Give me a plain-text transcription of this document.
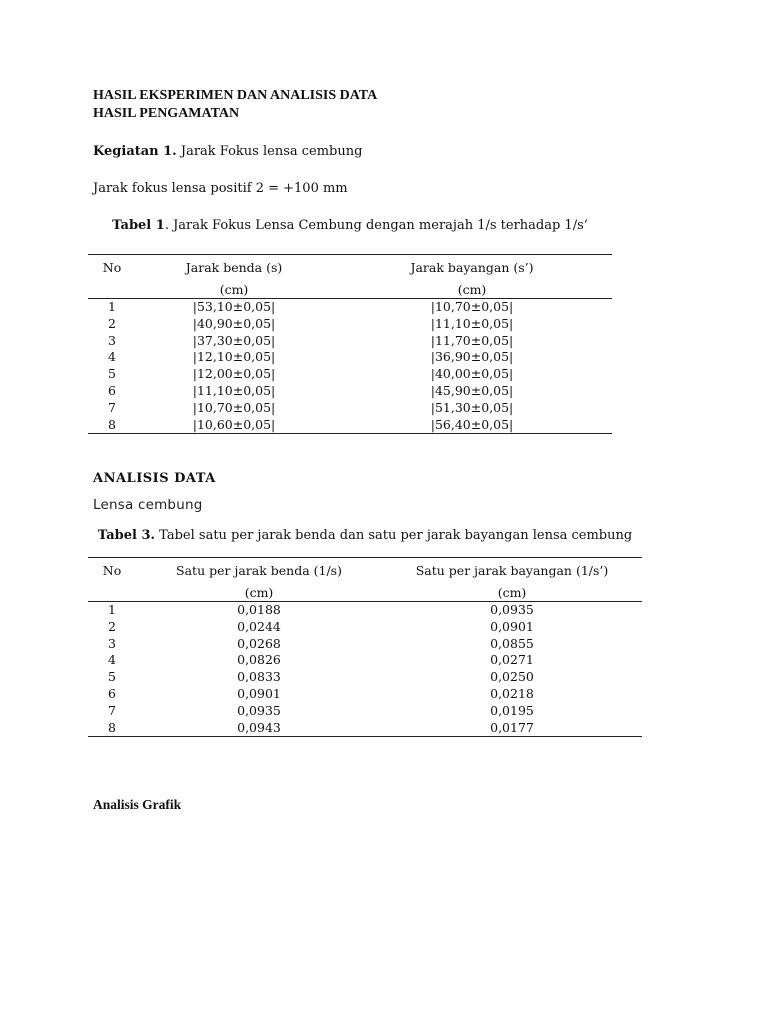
HASIL EKSPERIMEN DAN ANALISIS DATA
HASIL PENGAMATAN
Kegiatan 1. Jarak Fokus lensa cembung
Jarak fokus lensa positif 2 = +100 mm
Tabel 1. Jarak Fokus Lensa Cembung dengan merajah 1/s terhadap 1/s’
No	Jarak benda (s)	Jarak bayangan (s’)
	(cm)	(cm)
1	|53,10±0,05|	|10,70±0,05|
2	|40,90±0,05|	|11,10±0,05|
3	|37,30±0,05|	|11,70±0,05|
4	|12,10±0,05|	|36,90±0,05|
5	|12,00±0,05|	|40,00±0,05|
6	|11,10±0,05|	|45,90±0,05|
7	|10,70±0,05|	|51,30±0,05|
8	|10,60±0,05|	|56,40±0,05|
ANALISIS DATA
Lensa cembung
Tabel 3. Tabel satu per jarak benda dan satu per jarak bayangan lensa cembung
No	Satu per jarak benda (1/s)	Satu per jarak bayangan (1/s’)
	(cm)	(cm)
1	0,0188	0,0935
2	0,0244	0,0901
3	0,0268	0,0855
4	0,0826	0,0271
5	0,0833	0,0250
6	0,0901	0,0218
7	0,0935	0,0195
8	0,0943	0,0177
Analisis Grafik
